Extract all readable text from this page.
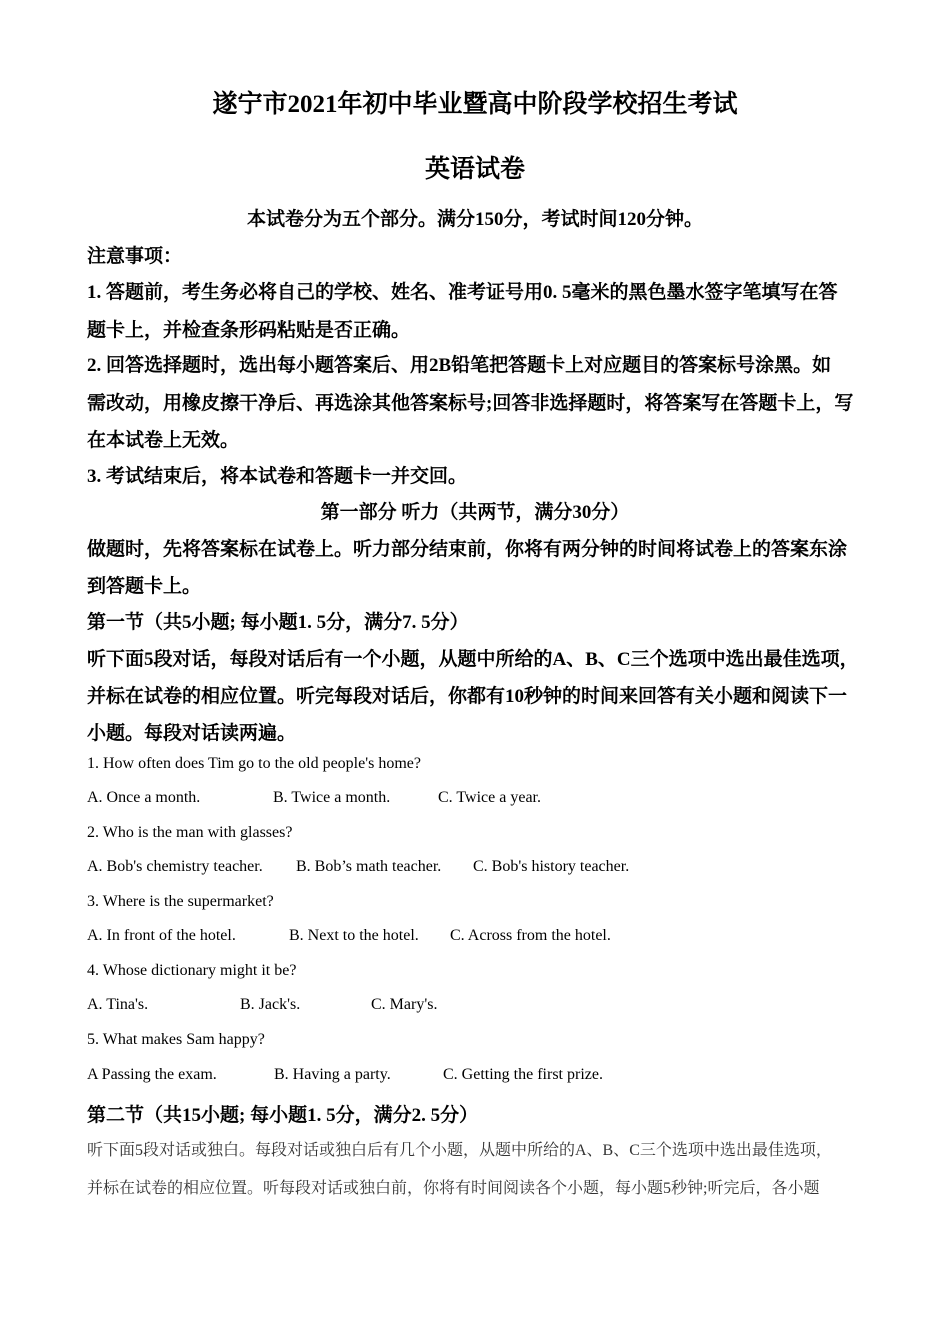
遂宁市2021年初中毕业暨高中阶段学校招生考试
英语试卷
本试卷分为五个部分。满分150分，考试时间120分钟。
注意事项：
1. 答题前，考生务必将自己的学校、姓名、准考证号用0. 5毫米的黑色墨水签字笔填写在答
题卡上，并检查条形码粘贴是否正确。
2. 回答选择题时，选出每小题答案后、用2B铅笔把答题卡上对应题目的答案标号涂黑。如
需改动，用橡皮擦干净后、再选涂其他答案标号;回答非选择题时，将答案写在答题卡上，写
在本试卷上无效。
3. 考试结束后，将本试卷和答题卡一并交回。
第一部分 听力（共两节，满分30分）
做题时，先将答案标在试卷上。听力部分结束前，你将有两分钟的时间将试卷上的答案东涂
到答题卡上。
第一节（共5小题; 每小题1. 5分，满分7. 5分）
听下面5段对话，每段对话后有一个小题，从题中所给的A、B、C三个选项中选出最佳选项，
并标在试卷的相应位置。听完每段对话后，你都有10秒钟的时间来回答有关小题和阅读下一
小题。每段对话读两遍。
1. How often does Tim go to the old people's home?
A. Once a month.	B. Twice a month.	C. Twice a year.
2. Who is the man with glasses?
A. Bob's chemistry teacher. B. Bob’s math teacher. C. Bob's history teacher.
3. Where is the supermarket?
A. In front of the hotel.	B. Next to the hotel. C. Across from the hotel.
4. Whose dictionary might it be?
A. Tina's.	B. Jack's.	C. Mary's.
5. What makes Sam happy?
A Passing the exam.	B. Having a party.	C. Getting the first prize.
第二节（共15小题; 每小题1. 5分，满分2. 5分）
听下面5段对话或独白。每段对话或独白后有几个小题，从题中所给的A、B、C三个选项中选出最佳选项，
并标在试卷的相应位置。听每段对话或独白前，你将有时间阅读各个小题，每小题5秒钟;听完后，各小题
